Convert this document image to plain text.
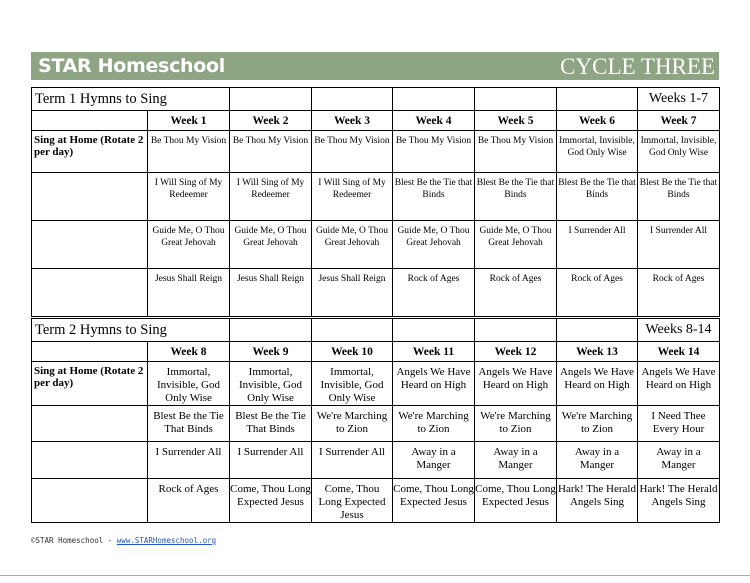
STAR Homeschool	CYCLE THREE
Term 1 Hymns to Sing							Weeks 1-7
	Week 1	Week 2	Week 3	Week 4	Week 5	Week 6	Week 7
Sing at Home (Rotate 2 per day)	Be Thou My Vision	Be Thou My Vision	Be Thou My Vision	Be Thou My Vision	Be Thou My Vision	Immortal, Invisible, God Only Wise	Immortal, Invisible, God Only Wise
	I Will Sing of My Redeemer	I Will Sing of My Redeemer	I Will Sing of My Redeemer	Blest Be the Tie that Binds	Blest Be the Tie that Binds	Blest Be the Tie that Binds	Blest Be the Tie that Binds
	Guide Me, O Thou Great Jehovah	Guide Me, O Thou Great Jehovah	Guide Me, O Thou Great Jehovah	Guide Me, O Thou Great Jehovah	Guide Me, O Thou Great Jehovah	I Surrender All	I Surrender All
	Jesus Shall Reign	Jesus Shall Reign	Jesus Shall Reign	Rock of Ages	Rock of Ages	Rock of Ages	Rock of Ages
Term 2 Hymns to Sing							Weeks 8-14
	Week 8	Week 9	Week 10	Week 11	Week 12	Week 13	Week 14
Sing at Home (Rotate 2 per day)	Immortal, Invisible, God Only Wise	Immortal, Invisible, God Only Wise	Immortal, Invisible, God Only Wise	Angels We Have Heard on High	Angels We Have Heard on High	Angels We Have Heard on High	Angels We Have Heard on High
	Blest Be the Tie That Binds	Blest Be the Tie That Binds	We're Marching to Zion	We're Marching to Zion	We're Marching to Zion	We're Marching to Zion	I Need Thee Every Hour
	I Surrender All	I Surrender All	I Surrender All	Away in a Manger	Away in a Manger	Away in a Manger	Away in a Manger
	Rock of Ages	Come, Thou Long Expected Jesus	Come, Thou Long Expected Jesus	Come, Thou Long Expected Jesus	Come, Thou Long Expected Jesus	Hark! The Herald Angels Sing	Hark! The Herald Angels Sing
©STAR Homeschool - www.STARHomeschool.org
